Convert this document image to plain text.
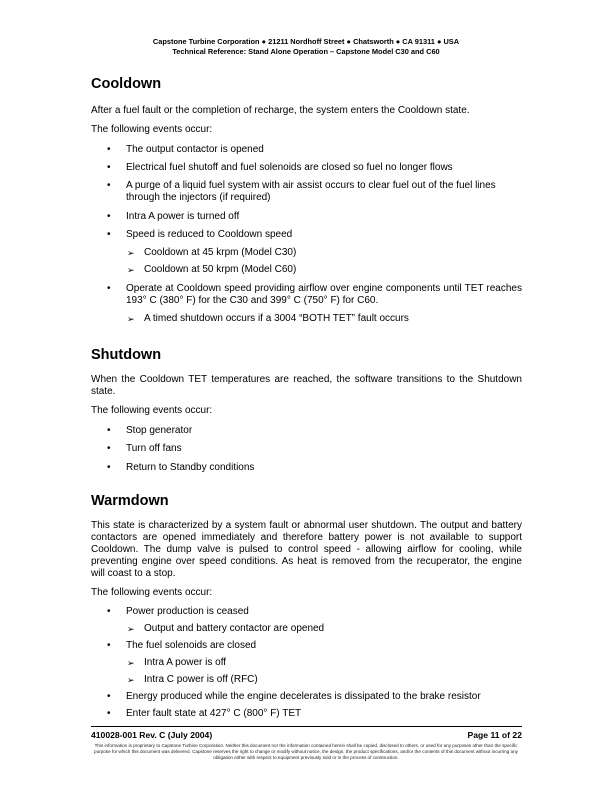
Capstone Turbine Corporation ● 21211 Nordhoff Street ● Chatsworth ● CA 91311 ● USA
Technical Reference: Stand Alone Operation – Capstone Model C30 and C60
Cooldown

After a fuel fault or the completion of recharge, the system enters the Cooldown state.

The following events occur:

• The output contactor is opened
• Electrical fuel shutoff and fuel solenoids are closed so fuel no longer flows
• A purge of a liquid fuel system with air assist occurs to clear fuel out of the fuel lines through the injectors (if required)
• Intra A power is turned off
• Speed is reduced to Cooldown speed
➢ Cooldown at 45 krpm (Model C30)
➢ Cooldown at 50 krpm (Model C60)
• Operate at Cooldown speed providing airflow over engine components until TET reaches 193° C (380° F) for the C30 and 399° C (750° F) for C60.
➢ A timed shutdown occurs if a 3004 “BOTH TET” fault occurs
Shutdown

When the Cooldown TET temperatures are reached, the software transitions to the Shutdown state.

The following events occur:

• Stop generator
• Turn off fans
• Return to Standby conditions
Warmdown

This state is characterized by a system fault or abnormal user shutdown. The output and battery contactors are opened immediately and therefore battery power is not available to support Cooldown. The dump valve is pulsed to control speed - allowing airflow for cooling, while preventing engine over speed conditions. As heat is removed from the recuperator, the engine will coast to a stop.

The following events occur:

• Power production is ceased
➢ Output and battery contactor are opened
• The fuel solenoids are closed
➢ Intra A power is off
➢ Intra C power is off (RFC)
• Energy produced while the engine decelerates is dissipated to the brake resistor
• Enter fault state at 427° C (800° F) TET
410028-001 Rev. C (July 2004)	Page 11 of 22
This information is proprietary to Capstone Turbine Corporation. Neither this document nor the information contained herein shall be copied, disclosed to others, or used for any purposes other than the specific purpose for which this document was delivered. Capstone reserves the right to change or modify without notice, the design, the product specifications, and/or the contents of this document without incurring any obligation either with respect to equipment previously sold or in the process of construction.
